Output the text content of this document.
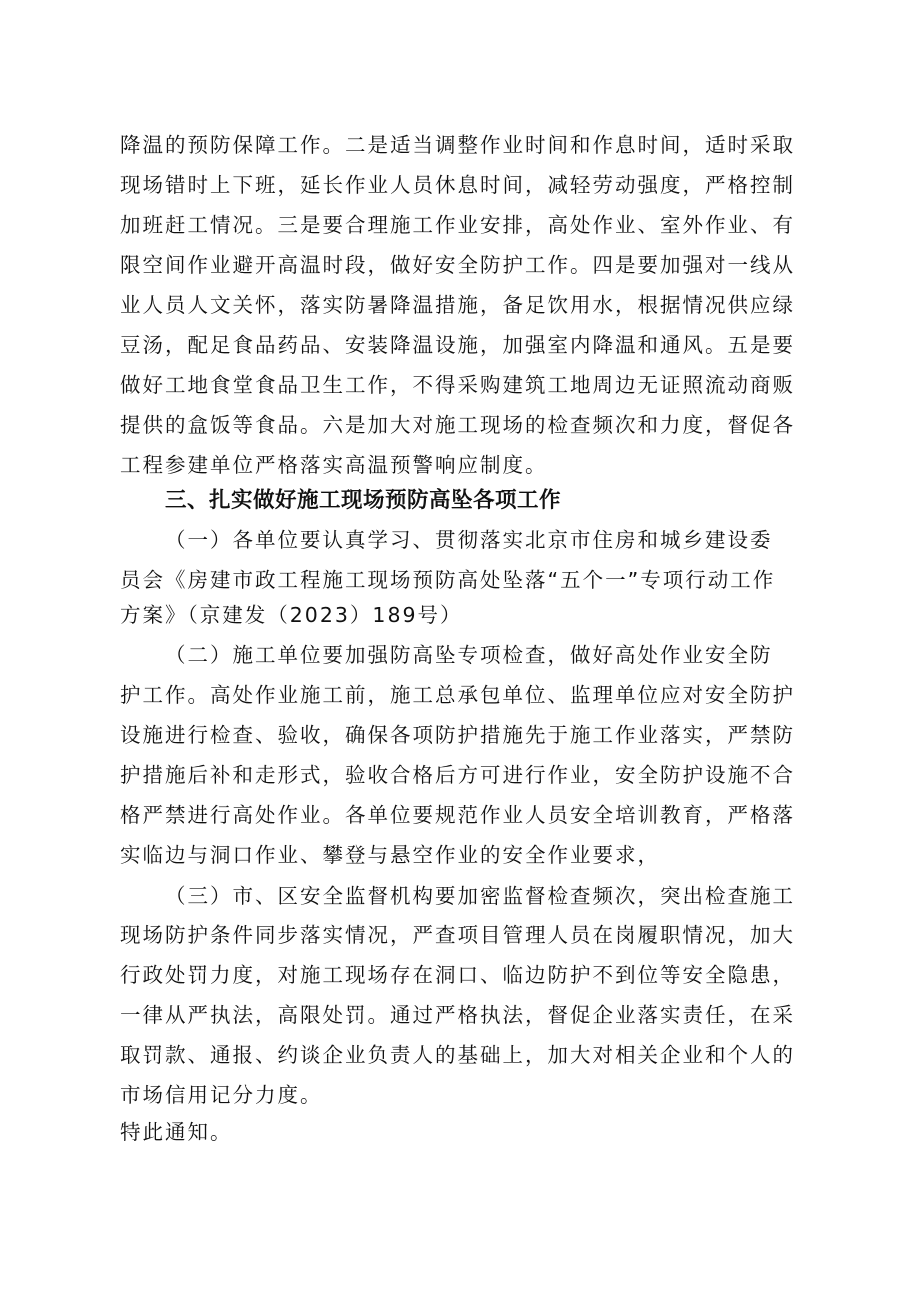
降温的预防保障工作。二是适当调整作业时间和作息时间，适时采取
现场错时上下班，延长作业人员休息时间，减轻劳动强度，严格控制
加班赶工情况。三是要合理施工作业安排，高处作业、室外作业、有
限空间作业避开高温时段，做好安全防护工作。四是要加强对一线从
业人员人文关怀，落实防暑降温措施，备足饮用水，根据情况供应绿
豆汤，配足食品药品、安装降温设施，加强室内降温和通风。五是要
做好工地食堂食品卫生工作，不得采购建筑工地周边无证照流动商贩
提供的盒饭等食品。六是加大对施工现场的检查频次和力度，督促各
工程参建单位严格落实高温预警响应制度。
三、扎实做好施工现场预防高坠各项工作
（一）各单位要认真学习、贯彻落实北京市住房和城乡建设委
员会《房建市政工程施工现场预防高处坠落“五个一”专项行动工作
方案》（京建发（2023）189号）
（二）施工单位要加强防高坠专项检查，做好高处作业安全防
护工作。高处作业施工前，施工总承包单位、监理单位应对安全防护
设施进行检查、验收，确保各项防护措施先于施工作业落实，严禁防
护措施后补和走形式，验收合格后方可进行作业，安全防护设施不合
格严禁进行高处作业。各单位要规范作业人员安全培训教育，严格落
实临边与洞口作业、攀登与悬空作业的安全作业要求，
（三）市、区安全监督机构要加密监督检查频次，突出检查施工
现场防护条件同步落实情况，严查项目管理人员在岗履职情况，加大
行政处罚力度，对施工现场存在洞口、临边防护不到位等安全隐患，
一律从严执法，高限处罚。通过严格执法，督促企业落实责任，在采
取罚款、通报、约谈企业负责人的基础上，加大对相关企业和个人的
市场信用记分力度。
特此通知。
